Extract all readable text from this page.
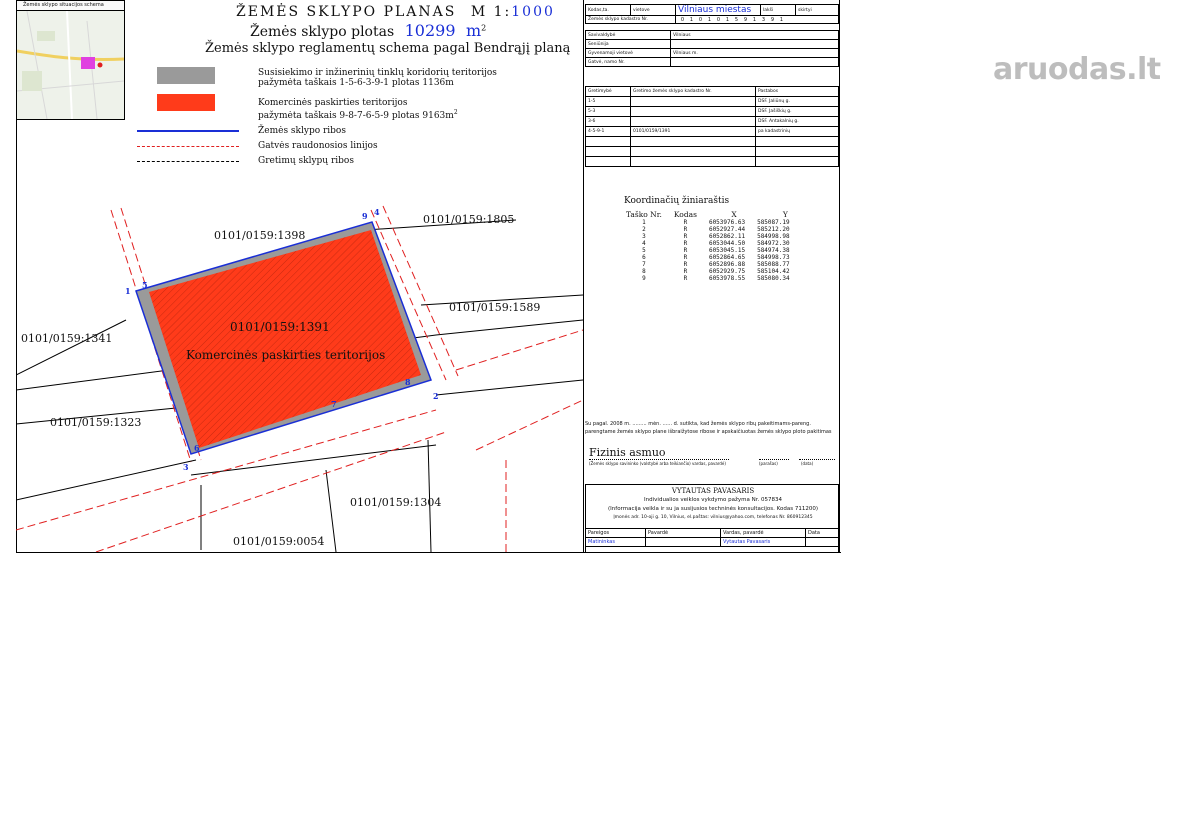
Žemės sklypo situacijos schema	ŽEMĖS SKLYPO PLANAS M 1:1000
Žemės sklypo plotas 10299 $m^2$
Žemės sklypo reglamentų schema pagal Bendrąjį planą
Susisiekimo ir inžinerinių tinklų koridorių teritorijos
pažymėta taškais 1-5-6-3-9-1 plotas 1136m
Komercinės paskirties teritorijos
pažymėta taškais 9-8-7-6-5-9 plotas $9163m^2$
Žemės sklypo ribos
Gatvės raudonosios linijos
Gretimų sklypų ribos
0101/0159:1398
0101/0159:1805
0101/0159:1589
0101/0159:1341
0101/0159:1323
0101/0159:1304
0101/0159:0054
0101/0159:1391
Komercinės paskirties teritorijos
1
2
3
4
5
6
7
8
9
Kodas,ta.	vietove	Vilniaus miestas	lakši	skirtyi
Žemės sklypo kadastro Nr.		0 1 0 1 0 1 5 9 1 3 9 1		
Savivaldybė	Vilniaus
Seniūnija	
Gyvenamoji vietovė	Vilniaus m.
Gatvė, namo Nr.	
Gretimybė	Gretimo žemės sklypo kadastro Nr.	Pastabos
1-5		DSF. Jaliūnų g.
5-3		DSF. Jašiškių g.
3-6		DSF. Antakalnių g.
4-5-9-1	0101/0159/1391	pa kadastrinių

Koordinačių žiniaraštis
Taško Nr.	Kodas	X	Y
1	R	6053976.63	585087.19
2	R	6052927.44	585212.20
3	R	6052862.11	584998.98
4	R	6053044.50	584972.30
5	R	6053045.15	584974.38
6	R	6052864.65	584998.73
7	R	6052896.88	585088.77
8	R	6052929.75	585104.42
9	R	6053978.55	585080.34
Su pagal. 2008 m. ......... mėn. ...... d. sutikta, kad žemės sklypo ribų pakeitimams-pareng.
parengtame žemės sklypo plane išbraižytose ribose ir apskaičiuotas žemės sklypo ploto pakitimas
Fizinis asmuo
(Žemės sklypo savininko (valstybė arba teikiančio) vardas, pavardė)	(parašas)	(data)
VYTAUTAS PAVASARIS
Individualios veiklos vykdymo pažyma Nr. 057834
(Informacija veikla ir su ja susijusios techninės konsultacijos. Kodas 711200)
Įmonės adr. 10-oji g. 10, Vilnius, el.paštas: vilnius@yahoo.com, telefonas Nr. 860912345
Pareigos	Pavardė	Vardas, pavardė	Data
Matininkas		Vytautas Pavasaris	
aruodas.lt
